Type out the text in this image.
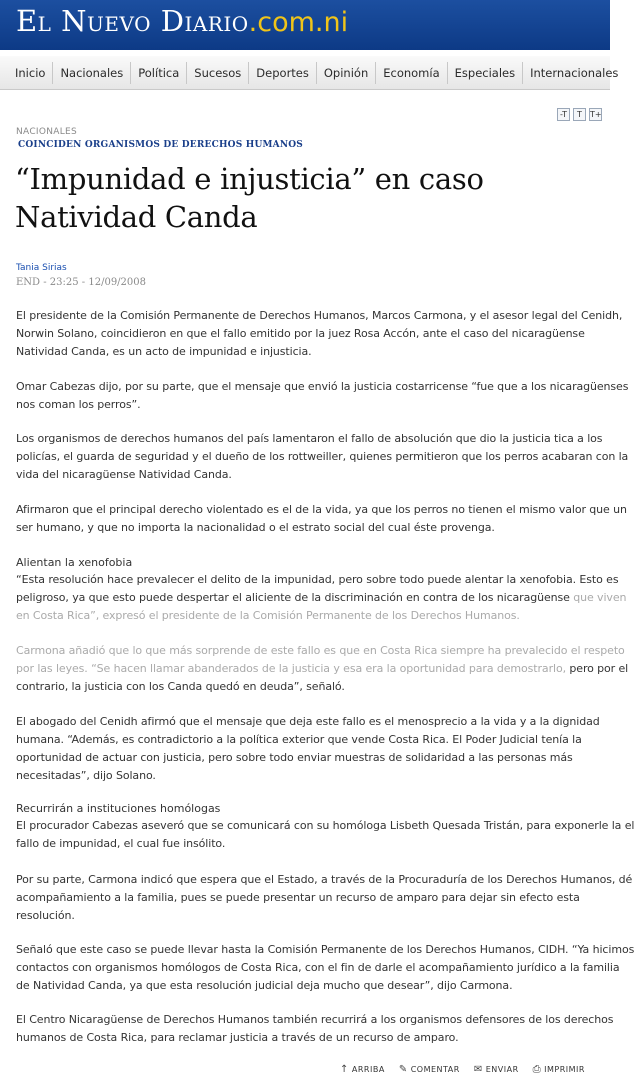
El Nuevo Diario.com.ni
Inicio	Nacionales	Política	Sucesos	Deportes	Opinión	Economía	Especiales	Internacionales
-T	T	T+
NACIONALES
COINCIDEN ORGANISMOS DE DERECHOS HUMANOS
“Impunidad e injusticia” en caso Natividad Canda
Tania Sirias
END - 23:25 - 12/09/2008

El presidente de la Comisión Permanente de Derechos Humanos, Marcos Carmona, y el asesor legal del Cenidh, Norwin Solano, coincidieron en que el fallo emitido por la juez Rosa Accón, ante el caso del nicaragüense Natividad Canda, es un acto de impunidad e injusticia.

Omar Cabezas dijo, por su parte, que el mensaje que envió la justicia costarricense “fue que a los nicaragüenses nos coman los perros”.

Los organismos de derechos humanos del país lamentaron el fallo de absolución que dio la justicia tica a los policías, el guarda de seguridad y el dueño de los rottweiller, quienes permitieron que los perros acabaran con la vida del nicaragüense Natividad Canda.

Afirmaron que el principal derecho violentado es el de la vida, ya que los perros no tienen el mismo valor que un ser humano, y que no importa la nacionalidad o el estrato social del cual éste provenga.

Alientan la xenofobia

“Esta resolución hace prevalecer el delito de la impunidad, pero sobre todo puede alentar la xenofobia. Esto es peligroso, ya que esto puede despertar el aliciente de la discriminación en contra de los nicaragüense que viven en Costa Rica”, expresó el presidente de la Comisión Permanente de los Derechos Humanos.

Carmona añadió que lo que más sorprende de este fallo es que en Costa Rica siempre ha prevalecido el respeto por las leyes. “Se hacen llamar abanderados de la justicia y esa era la oportunidad para demostrarlo, pero por el contrario, la justicia con los Canda quedó en deuda”, señaló.

El abogado del Cenidh afirmó que el mensaje que deja este fallo es el menosprecio a la vida y a la dignidad humana. “Además, es contradictorio a la política exterior que vende Costa Rica. El Poder Judicial tenía la oportunidad de actuar con justicia, pero sobre todo enviar muestras de solidaridad a las personas más necesitadas”, dijo Solano.

Recurrirán a instituciones homólogas

El procurador Cabezas aseveró que se comunicará con su homóloga Lisbeth Quesada Tristán, para exponerle la el fallo de impunidad, el cual fue insólito.

Por su parte, Carmona indicó que espera que el Estado, a través de la Procuraduría de los Derechos Humanos, dé acompañamiento a la familia, pues se puede presentar un recurso de amparo para dejar sin efecto esta resolución.

Señaló que este caso se puede llevar hasta la Comisión Permanente de los Derechos Humanos, CIDH. “Ya hicimos contactos con organismos homólogos de Costa Rica, con el fin de darle el acompañamiento jurídico a la familia de Natividad Canda, ya que esta resolución judicial deja mucho que desear”, dijo Carmona.

El Centro Nicaragüense de Derechos Humanos también recurrirá a los organismos defensores de los derechos humanos de Costa Rica, para reclamar justicia a través de un recurso de amparo.

↑ ARRIBA ✎ COMENTAR ✉ ENVIAR ⎙ IMPRIMIR
